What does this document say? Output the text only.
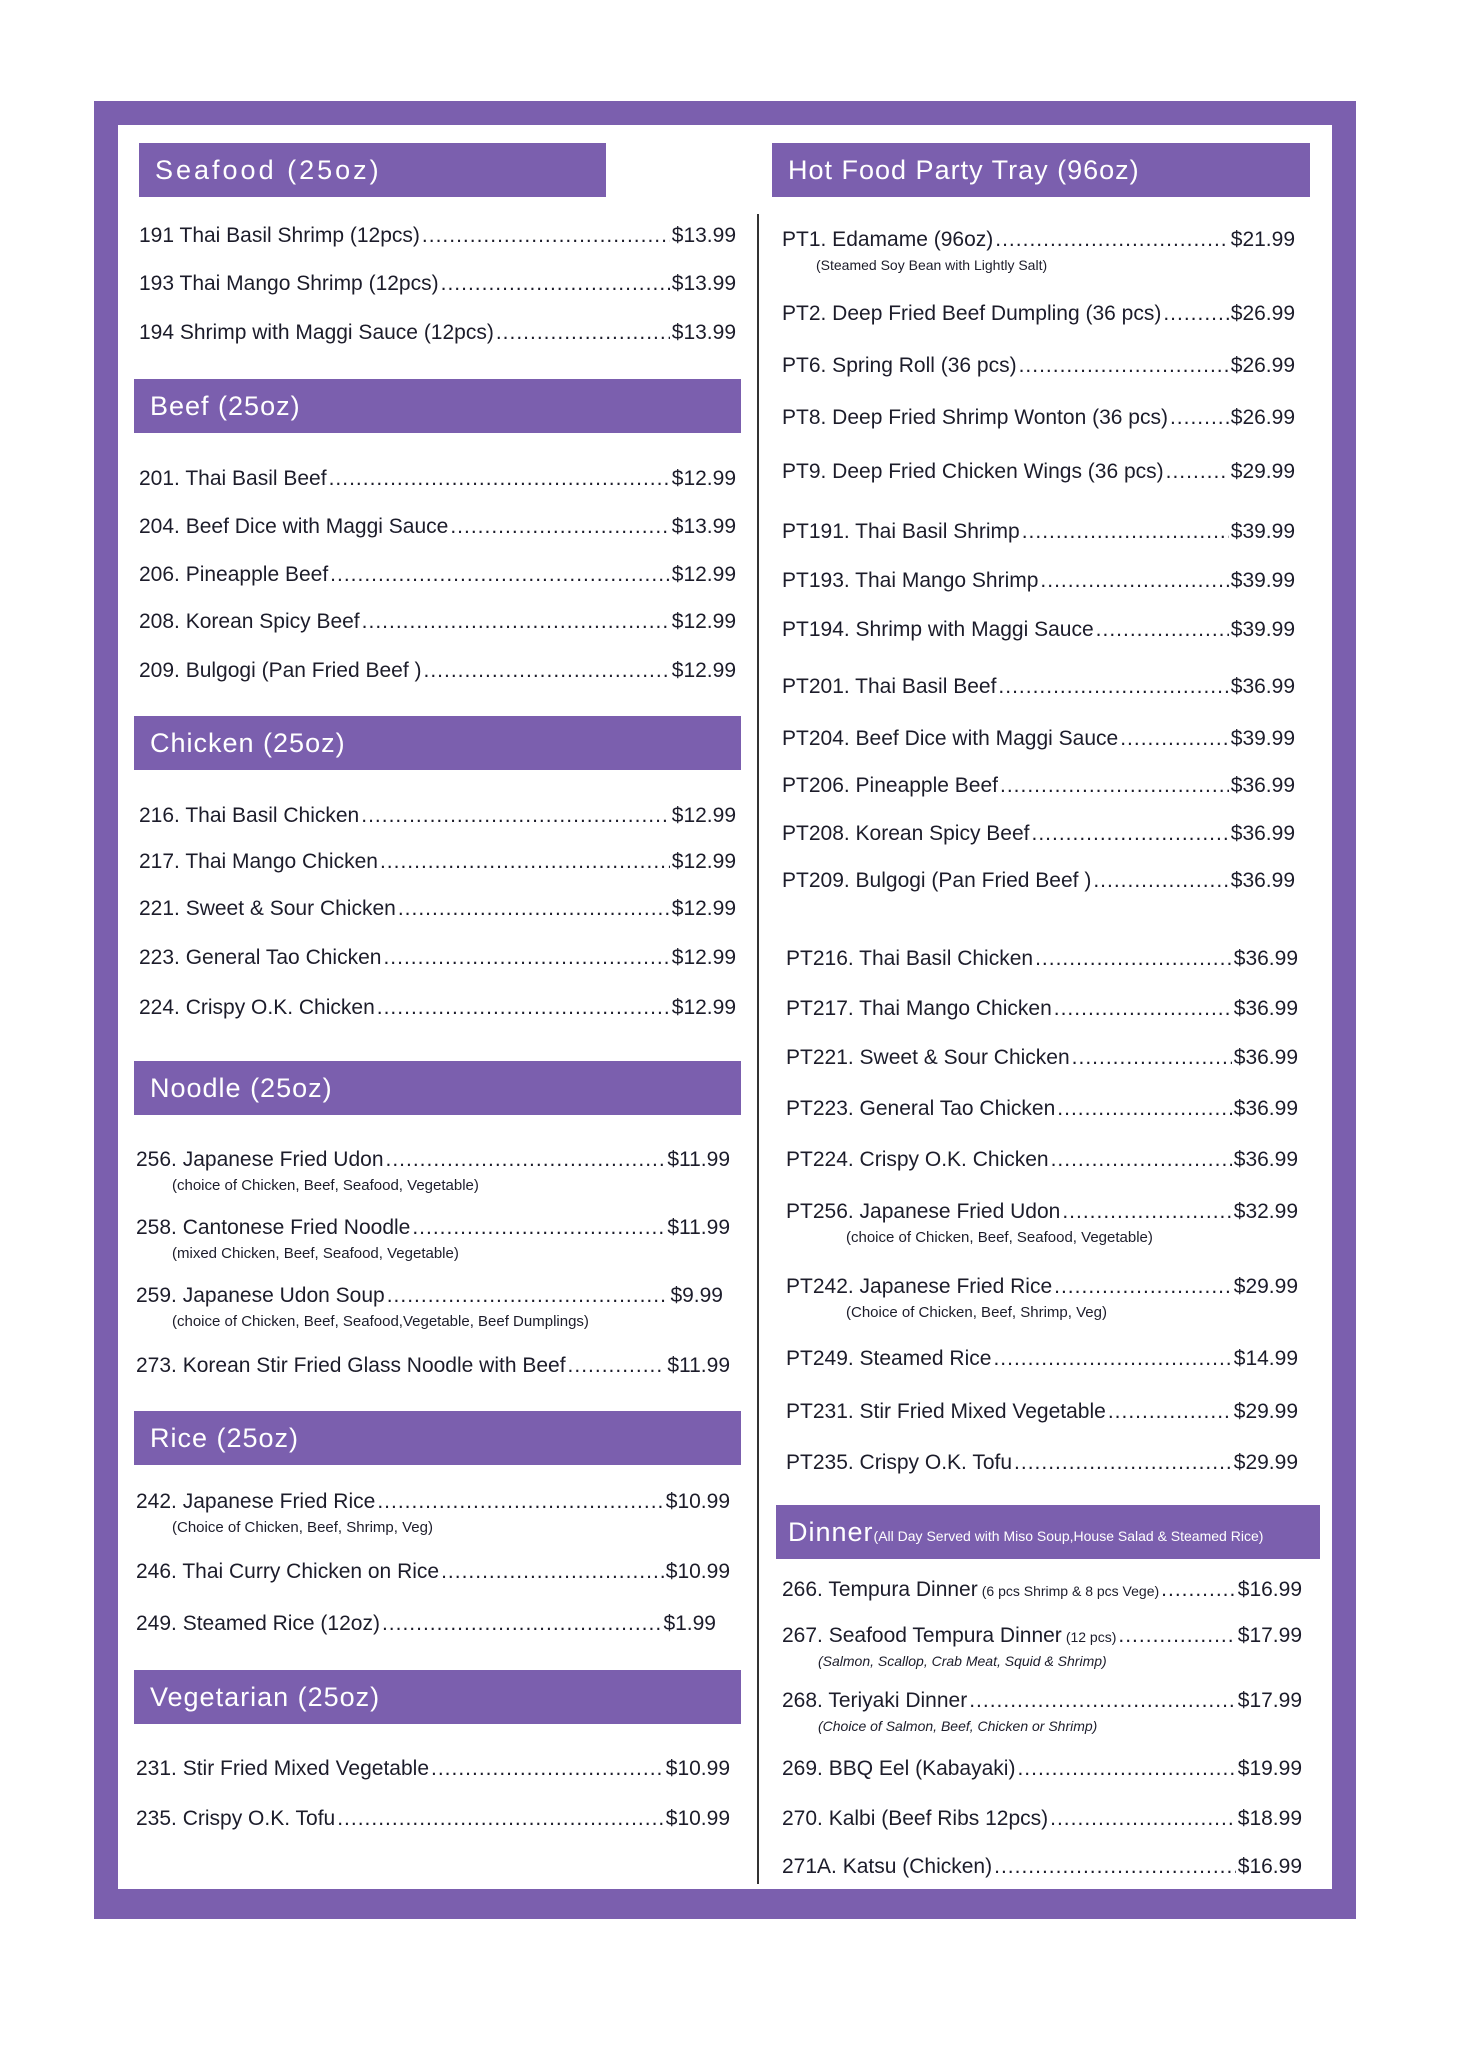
Seafood (25oz)
191 Thai Basil Shrimp (12pcs) .....	$13.99
193 Thai Mango Shrimp (12pcs) .....	$13.99
194 Shrimp with Maggi Sauce (12pcs) .....	$13.99
Beef (25oz)
201. Thai Basil Beef .....	$12.99
204. Beef Dice with Maggi Sauce .....	$13.99
206. Pineapple Beef .....	$12.99
208. Korean Spicy Beef .....	$12.99
209. Bulgogi (Pan Fried Beef ) .....	$12.99
Chicken (25oz)
216. Thai Basil Chicken .....	$12.99
217. Thai Mango Chicken .....	$12.99
221. Sweet & Sour Chicken .....	$12.99
223. General Tao Chicken .....	$12.99
224. Crispy O.K. Chicken .....	$12.99
Noodle (25oz)
256. Japanese Fried Udon .....	$11.99
(choice of Chicken, Beef, Seafood, Vegetable)
258. Cantonese Fried Noodle .....	$11.99
(mixed Chicken, Beef, Seafood, Vegetable)
259. Japanese Udon Soup .....	$9.99
(choice of Chicken, Beef, Seafood,Vegetable, Beef Dumplings)
273. Korean Stir Fried Glass Noodle with Beef .....	$11.99
Rice (25oz)
242. Japanese Fried Rice .....	$10.99
(Choice of Chicken, Beef, Shrimp, Veg)
246. Thai Curry Chicken on Rice .....	$10.99
249. Steamed Rice (12oz) .....	$1.99
Vegetarian (25oz)
231. Stir Fried Mixed Vegetable .....	$10.99
235. Crispy O.K. Tofu .....	$10.99
Hot Food Party Tray (96oz)
PT1. Edamame (96oz) .....	$21.99
(Steamed Soy Bean with Lightly Salt)
PT2. Deep Fried Beef Dumpling (36 pcs) .....	$26.99
PT6. Spring Roll (36 pcs) .....	$26.99
PT8. Deep Fried Shrimp Wonton (36 pcs) .....	$26.99
PT9. Deep Fried Chicken Wings (36 pcs) .....	$29.99
PT191. Thai Basil Shrimp .....	$39.99
PT193. Thai Mango Shrimp .....	$39.99
PT194. Shrimp with Maggi Sauce .....	$39.99
PT201. Thai Basil Beef .....	$36.99
PT204. Beef Dice with Maggi Sauce .....	$39.99
PT206. Pineapple Beef .....	$36.99
PT208. Korean Spicy Beef .....	$36.99
PT209. Bulgogi (Pan Fried Beef ) .....	$36.99
PT216. Thai Basil Chicken .....	$36.99
PT217. Thai Mango Chicken .....	$36.99
PT221. Sweet & Sour Chicken .....	$36.99
PT223. General Tao Chicken .....	$36.99
PT224. Crispy O.K. Chicken .....	$36.99
PT256. Japanese Fried Udon .....	$32.99
(choice of Chicken, Beef, Seafood, Vegetable)
PT242. Japanese Fried Rice .....	$29.99
(Choice of Chicken, Beef, Shrimp, Veg)
PT249. Steamed Rice .....	$14.99
PT231. Stir Fried Mixed Vegetable .....	$29.99
PT235. Crispy O.K. Tofu .....	$29.99
Dinner(All Day Served with Miso Soup,House Salad & Steamed Rice)
266. Tempura Dinner (6 pcs Shrimp & 8 pcs Vege) .....	$16.99
267. Seafood Tempura Dinner (12 pcs) .....	$17.99
(Salmon, Scallop, Crab Meat, Squid & Shrimp)
268. Teriyaki Dinner .....	$17.99
(Choice of Salmon, Beef, Chicken or Shrimp)
269. BBQ Eel (Kabayaki) .....	$19.99
270. Kalbi (Beef Ribs 12pcs) .....	$18.99
271A. Katsu (Chicken) .....	$16.99
